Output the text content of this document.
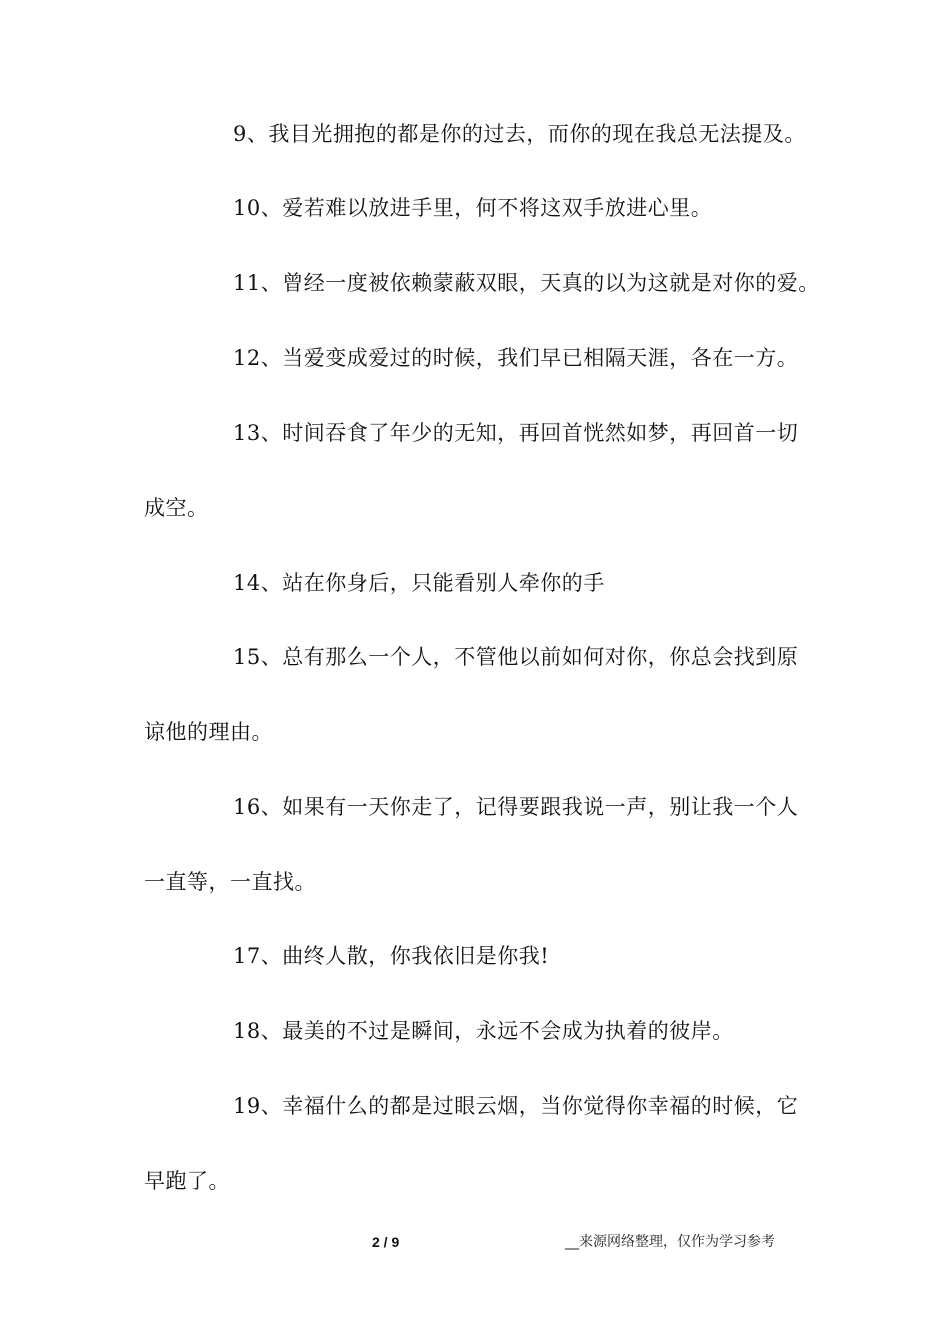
9、我目光拥抱的都是你的过去，而你的现在我总无法提及。
10、爱若难以放进手里，何不将这双手放进心里。
11、曾经一度被依赖蒙蔽双眼，天真的以为这就是对你的爱。
12、当爱变成爱过的时候，我们早已相隔天涯，各在一方。
13、时间吞食了年少的无知，再回首恍然如梦，再回首一切
成空。
14、站在你身后，只能看别人牵你的手
15、总有那么一个人，不管他以前如何对你，你总会找到原
谅他的理由。
16、如果有一天你走了，记得要跟我说一声，别让我一个人
一直等，一直找。
17、曲终人散，你我依旧是你我!
18、最美的不过是瞬间，永远不会成为执着的彼岸。
19、幸福什么的都是过眼云烟，当你觉得你幸福的时候，它
早跑了。
2 / 9	__来源网络整理，仅作为学习参考
